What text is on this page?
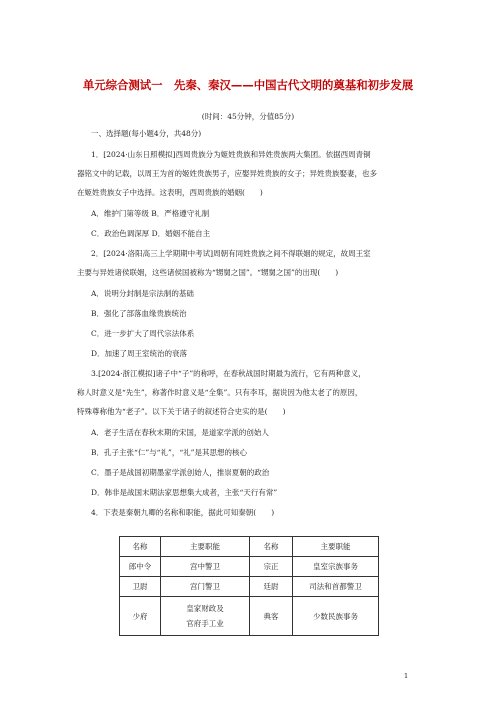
单元综合测试一　先秦、秦汉——中国古代文明的奠基和初步发展
(时间：45分钟，分值85分)
一、选择题(每小题4分，共48分)
1．[2024·山东日照模拟]西周贵族分为姬姓贵族和异姓贵族两大集团。依据西周青铜
器铭文中的记载，以周王为首的姬姓贵族男子，应娶异姓贵族的女子；异姓贵族娶妻，也多
在姬姓贵族女子中选择。这表明，西周贵族的婚姻(　　)
A．维护门第等级 B．严格遵守礼制
C．政治色调深厚 D．婚姻不能自主
2．[2024·洛阳高三上学期期中考试]周朝有同姓贵族之间不得联姻的规定，故周王室
主要与异姓诸侯联姻，这些诸侯国被称为“甥舅之国”。“甥舅之国”的出现(　　)
A．说明分封制是宗法制的基础
B．强化了部落血缘贵族统治
C．进一步扩大了周代宗法体系
D．加速了周王室统治的衰落
3.[2024·浙江模拟]诸子中“子”的称呼，在春秋战国时期最为流行，它有两种意义，
称人时意义是“先生”，称著作时意义是“全集”。只有李耳，据说因为他太老了的原因，
特殊尊称他为“老子”。以下关于诸子的叙述符合史实的是(　　)
A．老子生活在春秋末期的宋国，是道家学派的创始人
B．孔子主张“仁”与“礼”，“礼”是其思想的核心
C．墨子是战国初期墨家学派创始人，推崇夏朝的政治
D．韩非是战国末期法家思想集大成者，主张“天行有常”
4．下表是秦朝九卿的名称和职能，据此可知秦朝(　　)
名称	主要职能	名称	主要职能
郎中令	宫中警卫	宗正	皇室宗族事务
卫尉	宫门警卫	廷尉	司法和首都警卫
少府	皇家财政及
官府手工业	典客	少数民族事务
1
